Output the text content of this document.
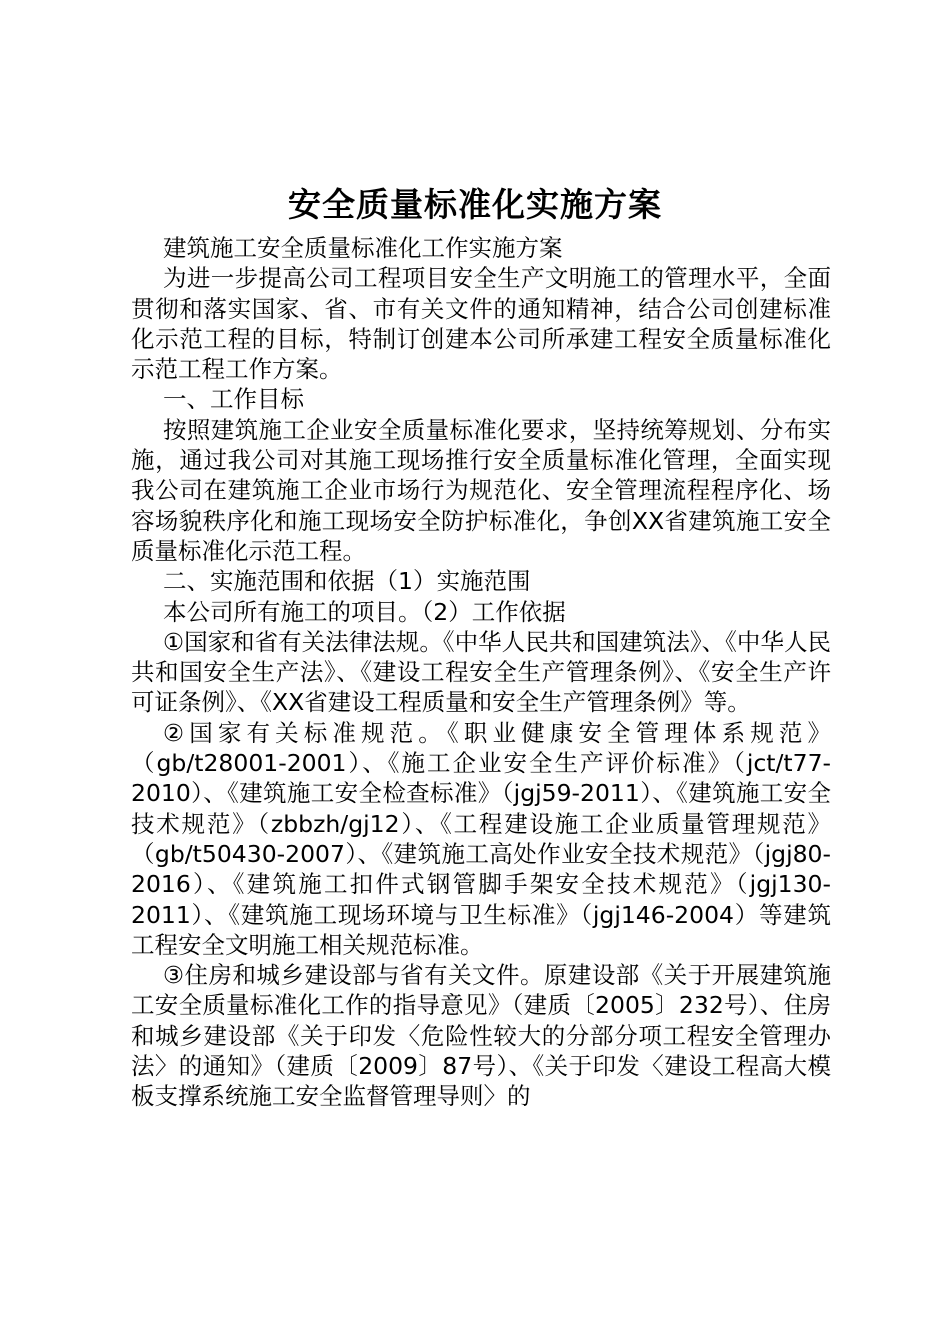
安全质量标准化实施方案

建筑施工安全质量标准化工作实施方案

为进一步提高公司工程项目安全生产文明施工的管理水平，全面贯彻和落实国家、省、市有关文件的通知精神，结合公司创建标准化示范工程的目标，特制订创建本公司所承建工程安全质量标准化示范工程工作方案。

一、工作目标

按照建筑施工企业安全质量标准化要求，坚持统筹规划、分布实施，通过我公司对其施工现场推行安全质量标准化管理，全面实现我公司在建筑施工企业市场行为规范化、安全管理流程程序化、场容场貌秩序化和施工现场安全防护标准化，争创XX省建筑施工安全质量标准化示范工程。

二、实施范围和依据（1）实施范围

本公司所有施工的项目。（2）工作依据

①国家和省有关法律法规。《中华人民共和国建筑法》、《中华人民共和国安全生产法》、《建设工程安全生产管理条例》、《安全生产许可证条例》、《XX省建设工程质量和安全生产管理条例》等。

②国家有关标准规范。《职业健康安全管理体系规范》（gb/t28001-2001）、《施工企业安全生产评价标准》（jct/t77-2010）、《建筑施工安全检查标准》（jgj59-2011）、《建筑施工安全技术规范》（zbbzh/gj12）、《工程建设施工企业质量管理规范》（gb/t50430-2007）、《建筑施工高处作业安全技术规范》（jgj80-2016）、《建筑施工扣件式钢管脚手架安全技术规范》（jgj130-2011）、《建筑施工现场环境与卫生标准》（jgj146-2004）等建筑工程安全文明施工相关规范标准。

③住房和城乡建设部与省有关文件。原建设部《关于开展建筑施工安全质量标准化工作的指导意见》（建质〔2005〕232号）、住房和城乡建设部《关于印发〈危险性较大的分部分项工程安全管理办法〉的通知》（建质〔2009〕87号）、《关于印发〈建设工程高大模板支撑系统施工安全监督管理导则〉的
